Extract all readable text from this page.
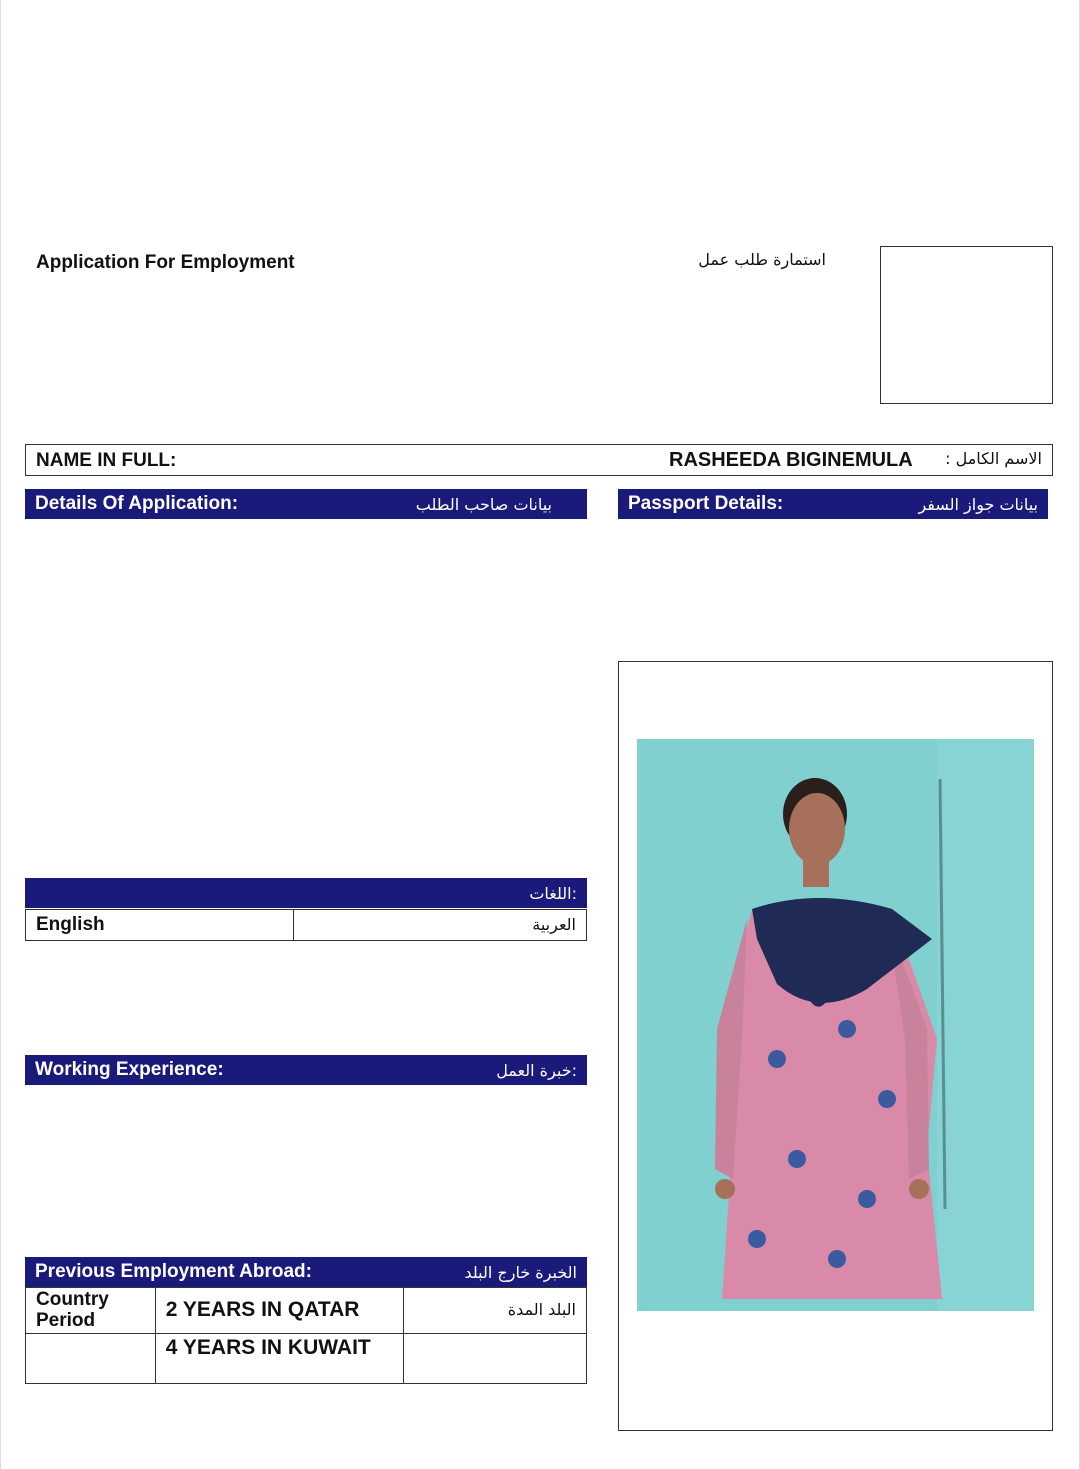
Application For Employment	استمارة طلب عمل
NAME IN FULL:	RASHEEDA BIGINEMULA الاسم الكامل :
Details Of Application:	بيانات صاحب الطلب	Passport Details:	بيانات جواز السفر
اللغات:
English	العربية
Working Experience:	خبرة العمل:
Previous Employment Abroad:	الخبرة خارج البلد
Country Period	2 YEARS IN QATAR	البلد المدة
	4 YEARS IN KUWAIT	
